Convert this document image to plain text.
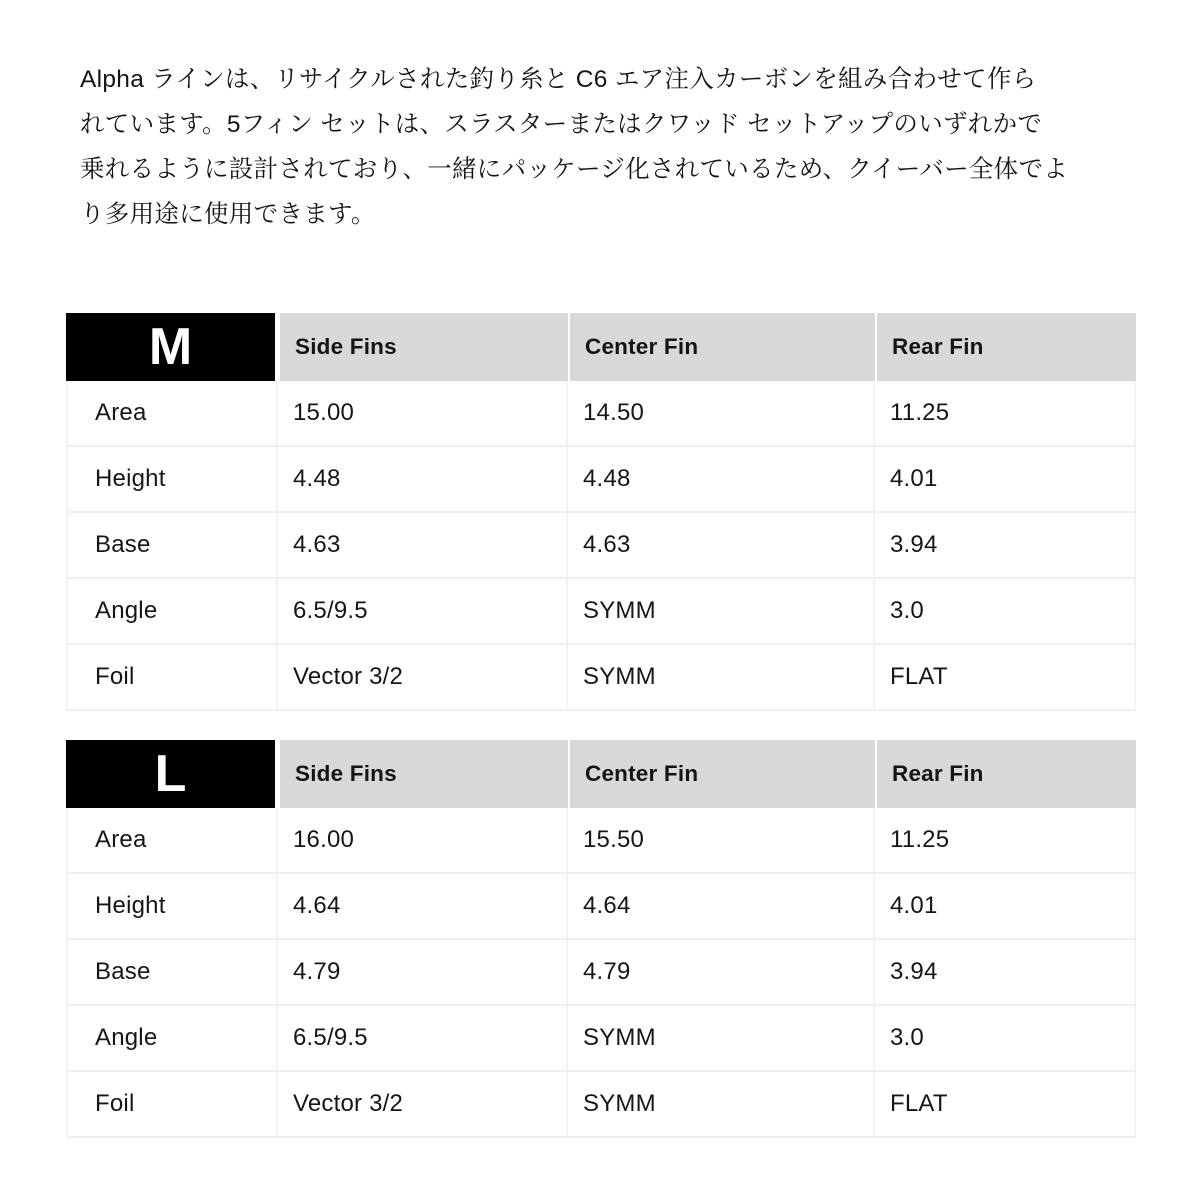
Alpha ラインは、リサイクルされた釣り糸と C6 エア注入カーボンを組み合わせて作ら
れています。5フィン セットは、スラスターまたはクワッド セットアップのいずれかで
乗れるように設計されており、一緒にパッケージ化されているため、クイーバー全体でよ
り多用途に使用できます。
M	Side Fins	Center Fin	Rear Fin
Area	15.00	14.50	11.25
Height	4.48	4.48	4.01
Base	4.63	4.63	3.94
Angle	6.5/9.5	SYMM	3.0
Foil	Vector 3/2	SYMM	FLAT
L	Side Fins	Center Fin	Rear Fin
Area	16.00	15.50	11.25
Height	4.64	4.64	4.01
Base	4.79	4.79	3.94
Angle	6.5/9.5	SYMM	3.0
Foil	Vector 3/2	SYMM	FLAT
